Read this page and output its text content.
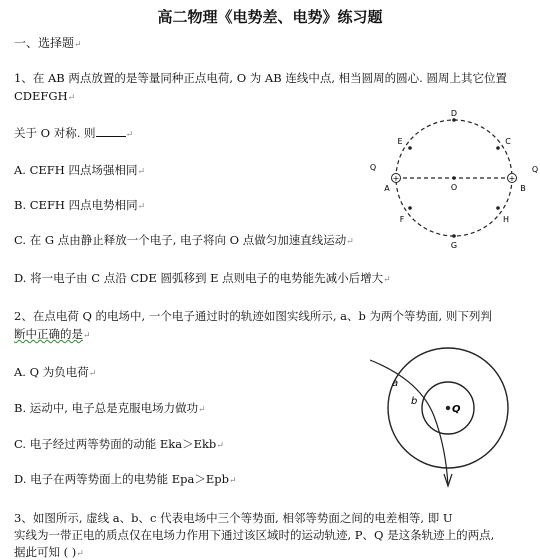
高二物理《电势差、电势》练习题
一、选择题↵
1、在 AB 两点放置的是等量同种正点电荷, O 为 AB 连线中点, 相当圆周的圆心. 圆周上其它位置
CDEFGH↵
关于 O 对称. 则	↵
A. CEFH 四点场强相同↵
B. CEFH 四点电势相同↵
C. 在 G 点由静止释放一个电子, 电子将向 O 点做匀加速直线运动↵
D. 将一电子由 C 点沿 CDE 圆弧移到 E 点则电子的电势能先减小后增大↵
+	+
D
E	C
Q
A
Q
B
O
F	H
G
2、在点电荷 Q 的电场中, 一个电子通过时的轨迹如图实线所示, a、b 为两个等势面, 则下列判
断中正确的是↵
A. Q 为负电荷↵
B. 运动中, 电子总是克服电场力做功↵
C. 电子经过两等势面的动能 Eka＞Ekb↵
D. 电子在两等势面上的电势能 Epa＞Epb↵
Q
a
b
3、如图所示, 虚线 a、b、c 代表电场中三个等势面, 相邻等势面之间的电差相等, 即 U
实线为一带正电的质点仅在电场力作用下通过该区域时的运动轨迹, P、Q 是这条轨迹上的两点,
据此可知 ( )↵
